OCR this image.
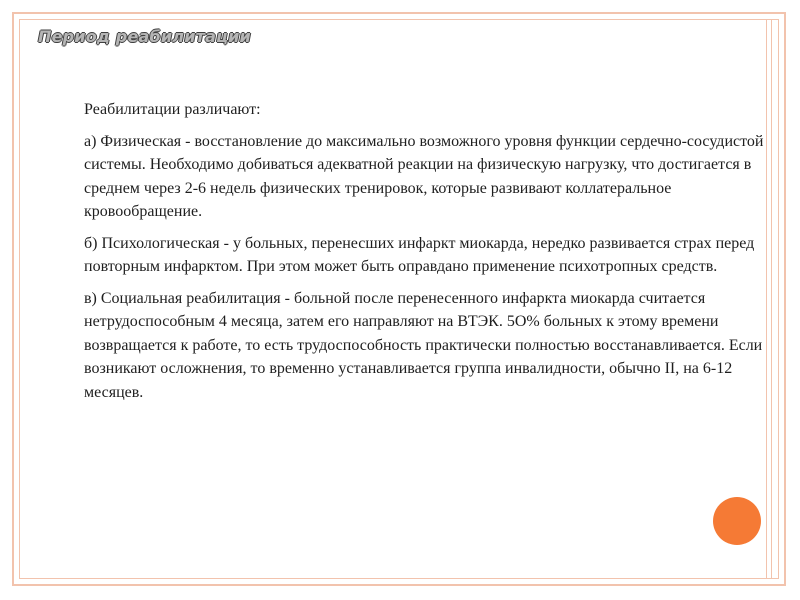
Период реабилитации

Реабилитации различают:

а) Физическая - восстановление до максимально возможного уровня функции сердечно-сосудистой системы. Необходимо добиваться адекватной реакции на физическую нагрузку, что достигается в среднем через 2-6 недель физических тренировок, которые развивают коллатеральное кровообращение.

б) Психологическая - у больных, перенесших инфаркт миокарда, нередко развивается страх перед повторным инфарктом. При этом может быть оправдано применение психотропных средств.

в) Социальная реабилитация - больной после перенесенного инфаркта миокарда считается нетрудоспособным 4 месяца, затем его направляют на ВТЭК. 5О% больных к этому времени возвращается к работе, то есть трудоспособность практически полностью восстанавливается. Если возникают осложнения, то временно устанавливается группа инвалидности, обычно II, на 6-12 месяцев.
